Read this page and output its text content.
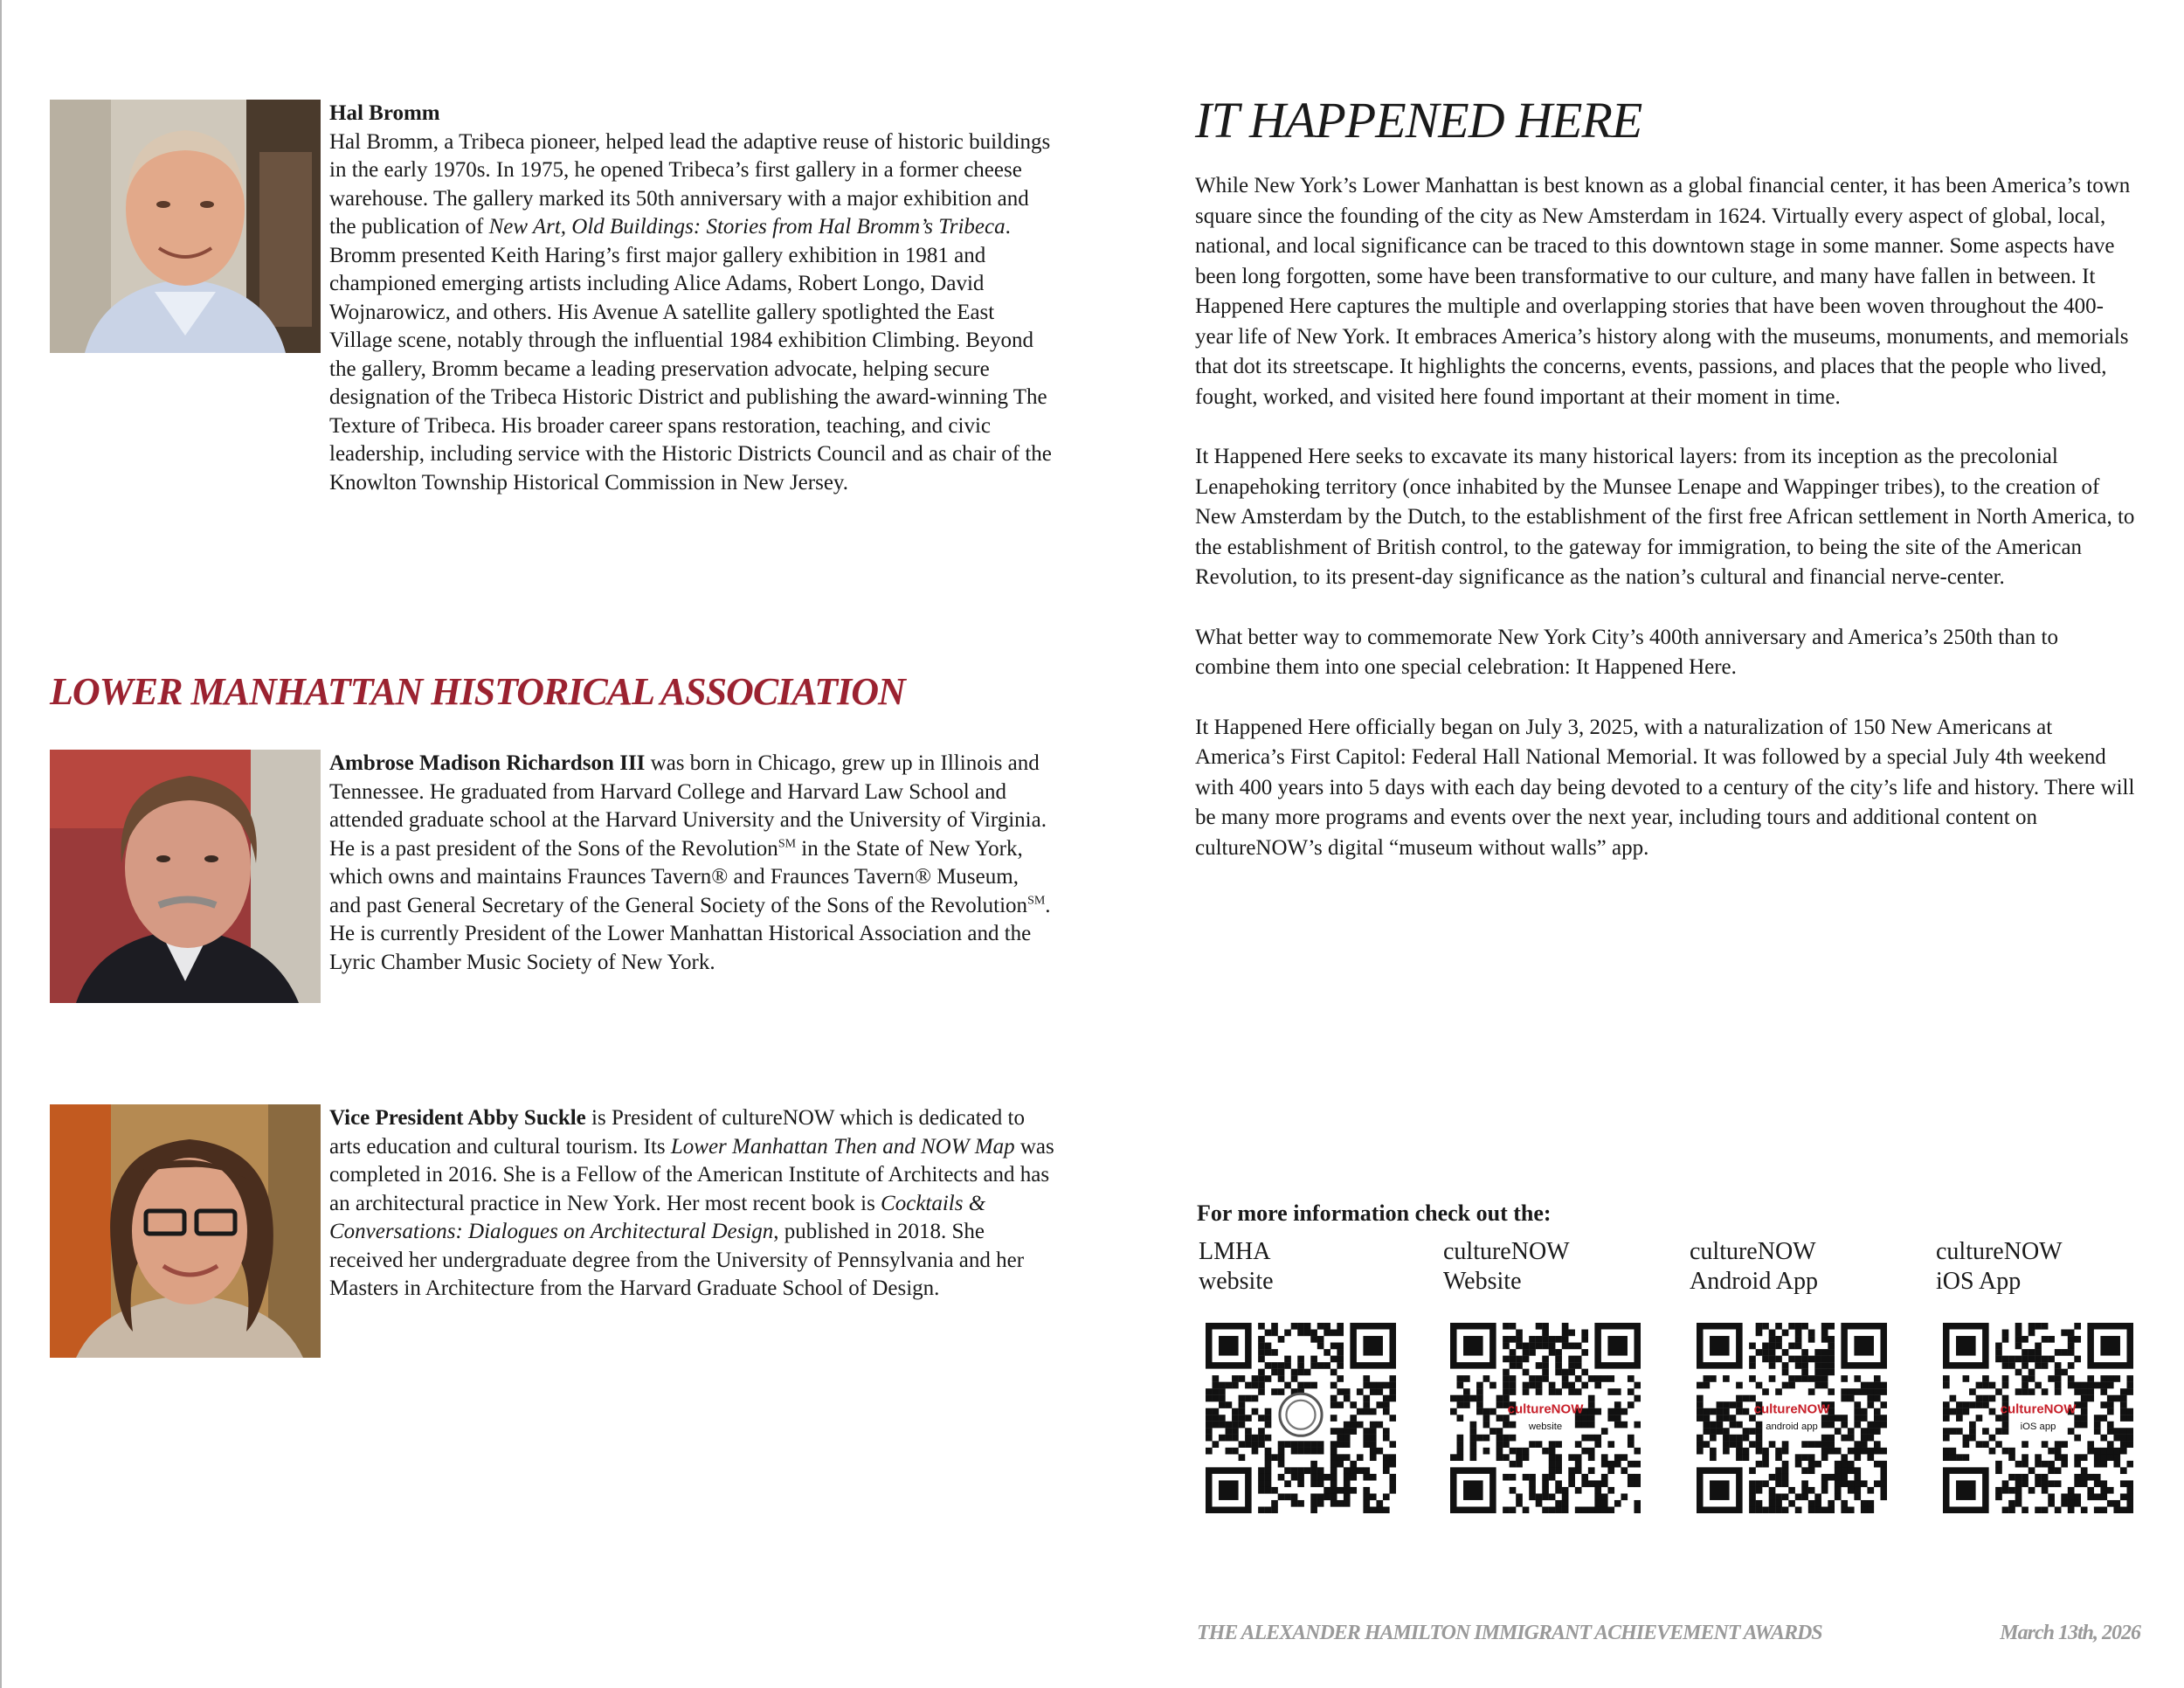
Hal Bromm
Hal Bromm, a Tribeca pioneer, helped lead the adaptive reuse of historic buildings in the early 1970s. In 1975, he opened Tribeca’s first gallery in a former cheese warehouse. The gallery marked its 50th anniversary with a major exhibition and the publication of New Art, Old Buildings: Stories from Hal Bromm’s Tribeca. Bromm presented Keith Haring’s first major gallery exhibition in 1981 and championed emerging artists including Alice Adams, Robert Longo, David Wojnarowicz, and others. His Avenue A satellite gallery spotlighted the East Village scene, notably through the influential 1984 exhibition Climbing. Beyond the gallery, Bromm became a leading preservation advocate, helping secure designation of the Tribeca Historic District and publishing the award-winning The Texture of Tribeca. His broader career spans restoration, teaching, and civic leadership, including service with the Historic Districts Council and as chair of the Knowlton Township Historical Commission in New Jersey.
LOWER MANHATTAN HISTORICAL ASSOCIATION
Ambrose Madison Richardson III was born in Chicago, grew up in Illinois and Tennessee. He graduated from Harvard College and Harvard Law School and attended graduate school at the Harvard University and the University of Virginia. He is a past president of the Sons of the Revolution℠ in the State of New York, which owns and maintains Fraunces Tavern® and Fraunces Tavern® Museum, and past General Secretary of the General Society of the Sons of the Revolution℠. He is currently President of the Lower Manhattan Historical Association and the Lyric Chamber Music Society of New York.
Vice President Abby Suckle is President of cultureNOW which is dedicated to arts education and cultural tourism. Its Lower Manhattan Then and NOW Map was completed in 2016. She is a Fellow of the American Institute of Architects and has an architectural practice in New York. Her most recent book is Cocktails & Conversations: Dialogues on Architectural Design, published in 2018. She received her undergraduate degree from the University of Pennsylvania and her Masters in Architecture from the Harvard Graduate School of Design.
IT HAPPENED HERE

While New York’s Lower Manhattan is best known as a global financial center, it has been America’s town square since the founding of the city as New Amsterdam in 1624. Virtually every aspect of global, local, national, and local significance can be traced to this downtown stage in some manner. Some aspects have been long forgotten, some have been transformative to our culture, and many have fallen in between. It Happened Here captures the multiple and overlapping stories that have been woven throughout the 400-year life of New York. It embraces America’s history along with the museums, monuments, and memorials that dot its streetscape. It highlights the concerns, events, passions, and places that the people who lived, fought, worked, and visited here found important at their moment in time.

It Happened Here seeks to excavate its many historical layers: from its inception as the precolonial Lenapehoking territory (once inhabited by the Munsee Lenape and Wappinger tribes), to the creation of New Amsterdam by the Dutch, to the establishment of the first free African settlement in North America, to the establishment of British control, to the gateway for immigration, to being the site of the American Revolution, to its present-day significance as the nation’s cultural and financial nerve-center.

What better way to commemorate New York City’s 400th anniversary and America’s 250th than to combine them into one special celebration: It Happened Here.

It Happened Here officially began on July 3, 2025, with a naturalization of 150 New Americans at America’s First Capitol: Federal Hall National Memorial. It was followed by a special July 4th weekend with 400 years into 5 days with each day being devoted to a century of the city’s life and history. There will be many more programs and events over the next year, including tours and additional content on cultureNOW’s digital “museum without walls” app.

For more information check out the:
LMHA
website
cultureNOW
Website
cultureNOW
website
cultureNOW
Android App
cultureNOW
android app
cultureNOW
iOS App
cultureNOW
iOS app
THE ALEXANDER HAMILTON IMMIGRANT ACHIEVEMENT AWARDS	March 13th, 2026
